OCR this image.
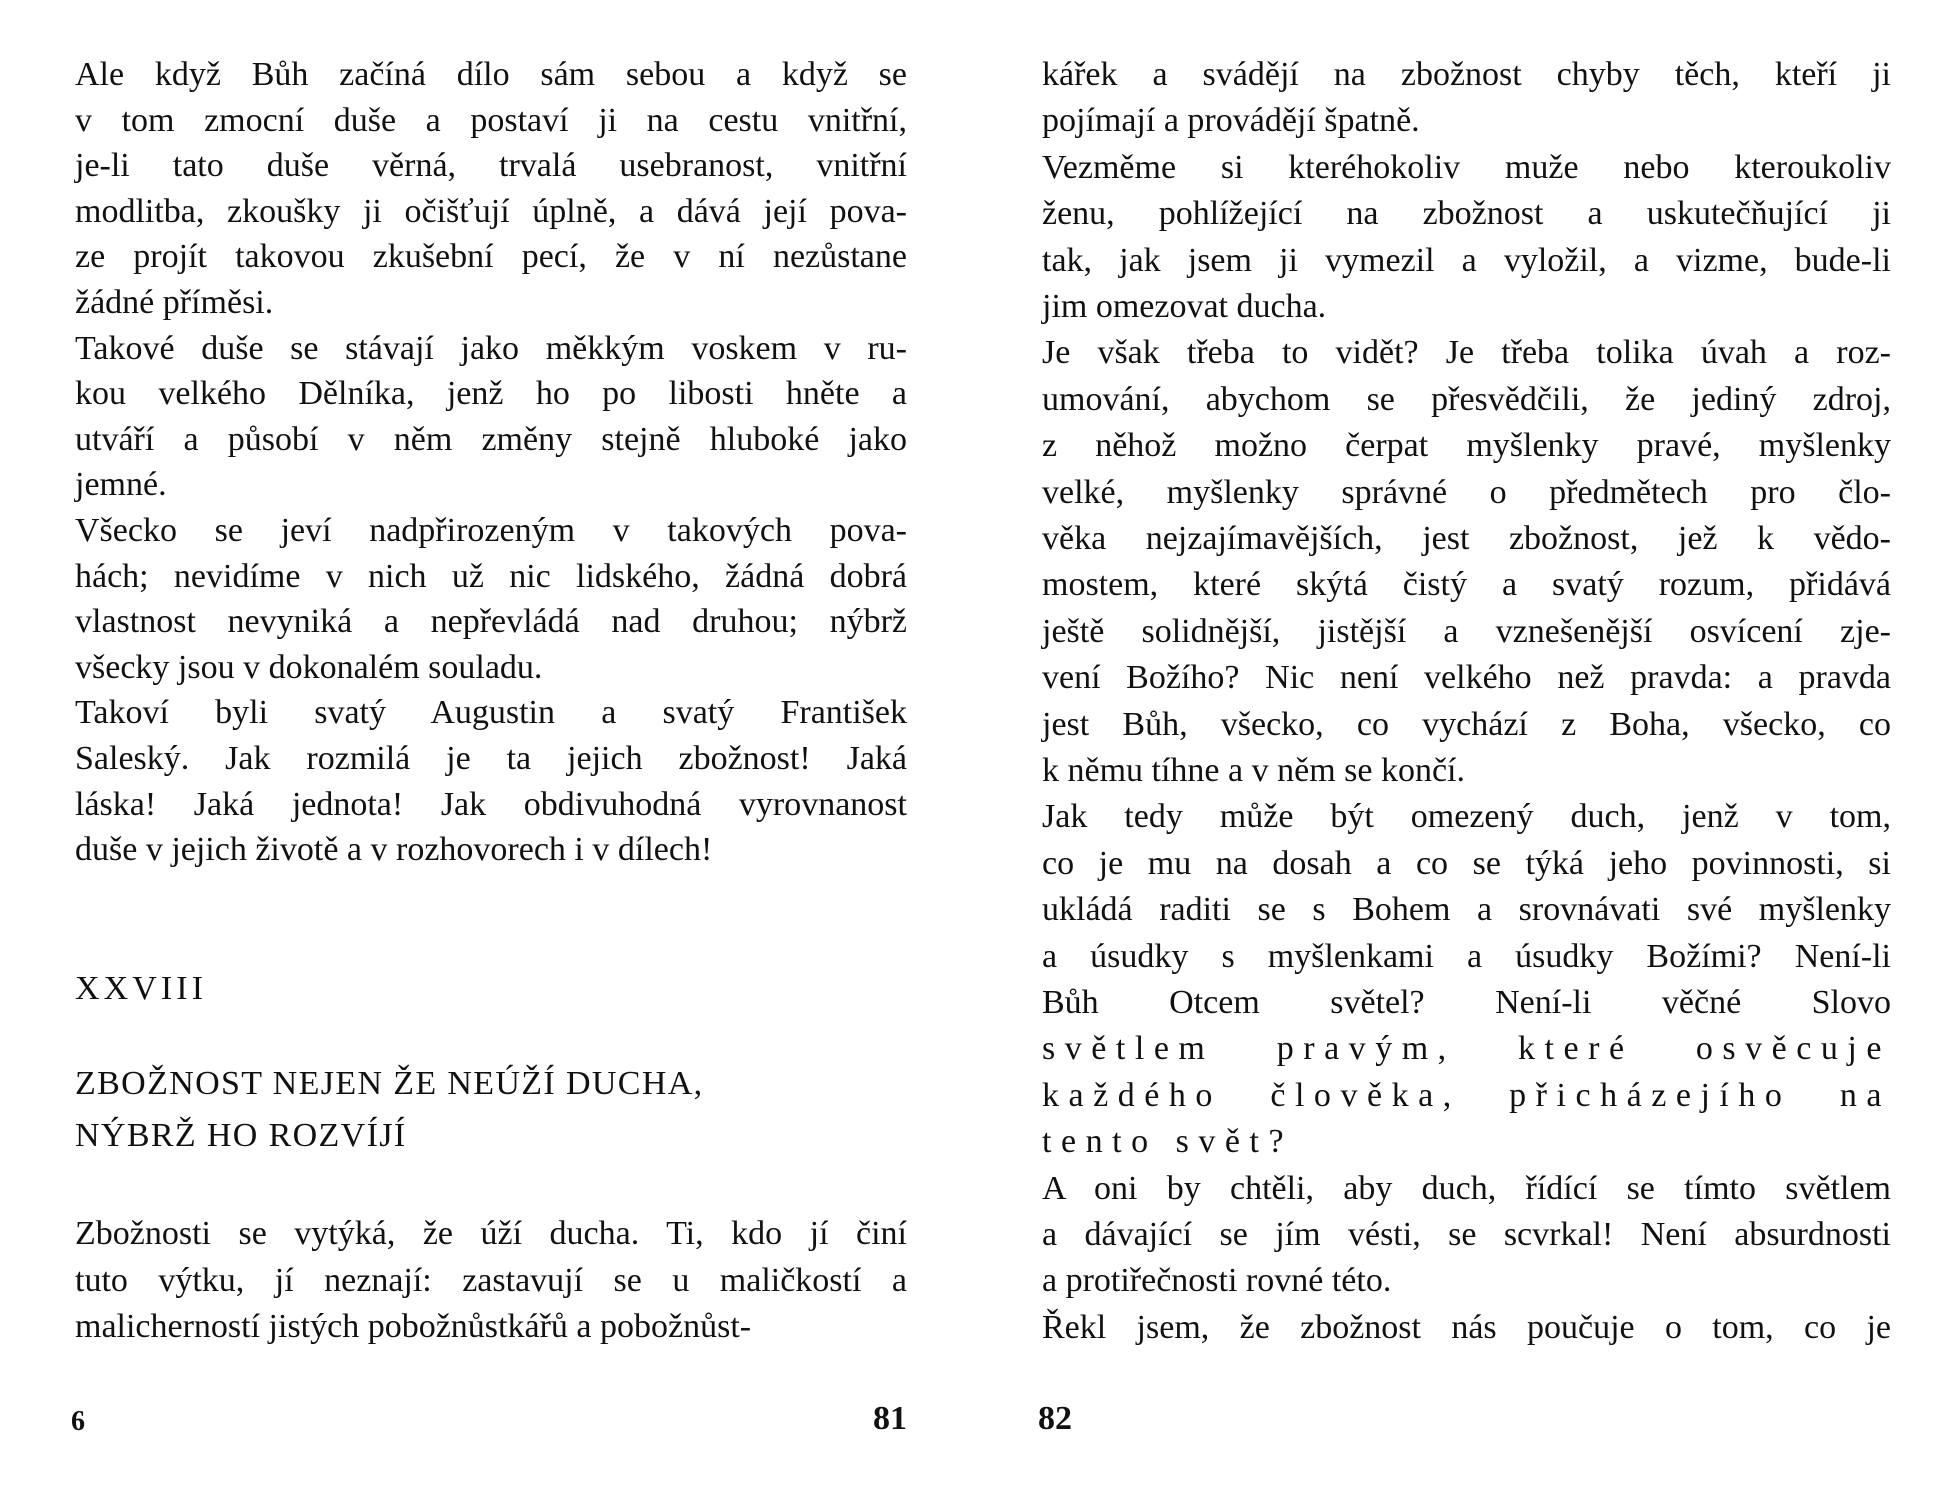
Ale když Bůh začíná dílo sám sebou a když se
v tom zmocní duše a postaví ji na cestu vnitřní,
je-li tato duše věrná, trvalá usebranost, vnitřní
modlitba, zkoušky ji očišťují úplně, a dává její pova-
ze projít takovou zkušební pecí, že v ní nezůstane
žádné příměsi.
Takové duše se stávají jako měkkým voskem v ru-
kou velkého Dělníka, jenž ho po libosti hněte a
utváří a působí v něm změny stejně hluboké jako
jemné.
Všecko se jeví nadpřirozeným v takových pova-
hách; nevidíme v nich už nic lidského, žádná dobrá
vlastnost nevyniká a nepřevládá nad druhou; nýbrž
všecky jsou v dokonalém souladu.
Takoví byli svatý Augustin a svatý František
Saleský. Jak rozmilá je ta jejich zbožnost! Jaká
láska! Jaká jednota! Jak obdivuhodná vyrovnanost
duše v jejich životě a v rozhovorech i v dílech!
XXVIII
ZBOŽNOST NEJEN ŽE NEÚŽÍ DUCHA,
NÝBRŽ HO ROZVÍJÍ
Zbožnosti se vytýká, že úží ducha. Ti, kdo jí činí
tuto výtku, jí neznají: zastavují se u maličkostí a
malicherností jistých pobožnůstkářů a pobožnůst-
6	81
kářek a svádějí na zbožnost chyby těch, kteří ji
pojímají a provádějí špatně.
Vezměme si kteréhokoliv muže nebo kteroukoliv
ženu, pohlížející na zbožnost a uskutečňující ji
tak, jak jsem ji vymezil a vyložil, a vizme, bude-li
jim omezovat ducha.
Je však třeba to vidět? Je třeba tolika úvah a roz-
umování, abychom se přesvědčili, že jediný zdroj,
z něhož možno čerpat myšlenky pravé, myšlenky
velké, myšlenky správné o předmětech pro člo-
věka nejzajímavějších, jest zbožnost, jež k vědo-
mostem, které skýtá čistý a svatý rozum, přidává
ještě solidnější, jistější a vznešenější osvícení zje-
vení Božího? Nic není velkého než pravda: a pravda
jest Bůh, všecko, co vychází z Boha, všecko, co
k němu tíhne a v něm se končí.
Jak tedy může být omezený duch, jenž v tom,
co je mu na dosah a co se týká jeho povinnosti, si
ukládá raditi se s Bohem a srovnávati své myšlenky
a úsudky s myšlenkami a úsudky Božími? Není-li
Bůh Otcem světel? Není-li věčné Slovo
světlem pravým, které osvěcuje
každého člověka, přicházejího na
tento svět?
A oni by chtěli, aby duch, řídící se tímto světlem
a dávající se jím vésti, se scvrkal! Není absurdnosti
a protiřečnosti rovné této.
Řekl jsem, že zbožnost nás poučuje o tom, co je
82
